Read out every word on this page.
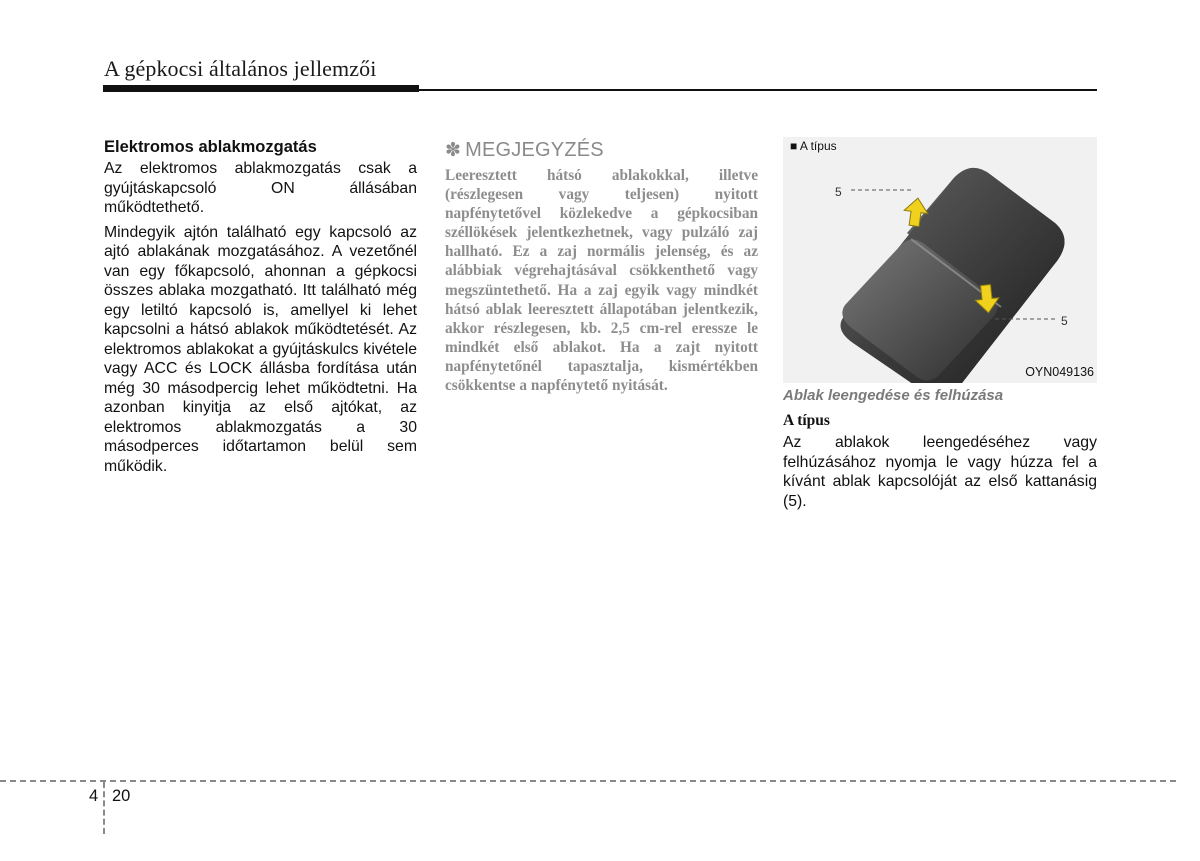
A gépkocsi általános jellemzői
Elektromos ablakmozgatás

Az elektromos ablakmozgatás csak a gyújtáskapcsoló ON állásában működtethető.

Mindegyik ajtón található egy kapcsoló az ajtó ablakának mozgatásához. A vezetőnél van egy főkapcsoló, ahonnan a gépkocsi összes ablaka mozgatható. Itt található még egy letiltó kapcsoló is, amellyel ki lehet kapcsolni a hátsó ablakok működtetését. Az elektromos ablakokat a gyújtáskulcs kivétele vagy ACC és LOCK állásba fordítása után még 30 másodpercig lehet működtetni. Ha azonban kinyitja az első ajtókat, az elektromos ablakmozgatás a 30 másodperces időtartamon belül sem működik.

✽ MEGJEGYZÉS

Leeresztett hátsó ablakokkal, illetve (részlegesen vagy teljesen) nyitott napfénytetővel közlekedve a gépkocsiban széllökések jelentkezhetnek, vagy pulzáló zaj hallható. Ez a zaj normális jelenség, és az alábbiak végrehajtásával csökkenthető vagy megszüntethető. Ha a zaj egyik vagy mindkét hátsó ablak leeresztett állapotában jelentkezik, akkor részlegesen, kb. 2,5 cm-rel eressze le mindkét első ablakot. Ha a zajt nyitott napfénytetőnél tapasztalja, kismértékben csökkentse a napfénytető nyitását.

5
5
■ A típus
OYN049136
Ablak leengedése és felhúzása
A típus

Az ablakok leengedéséhez vagy felhúzásához nyomja le vagy húzza fel a kívánt ablak kapcsolóját az első kattanásig (5).

4 20
